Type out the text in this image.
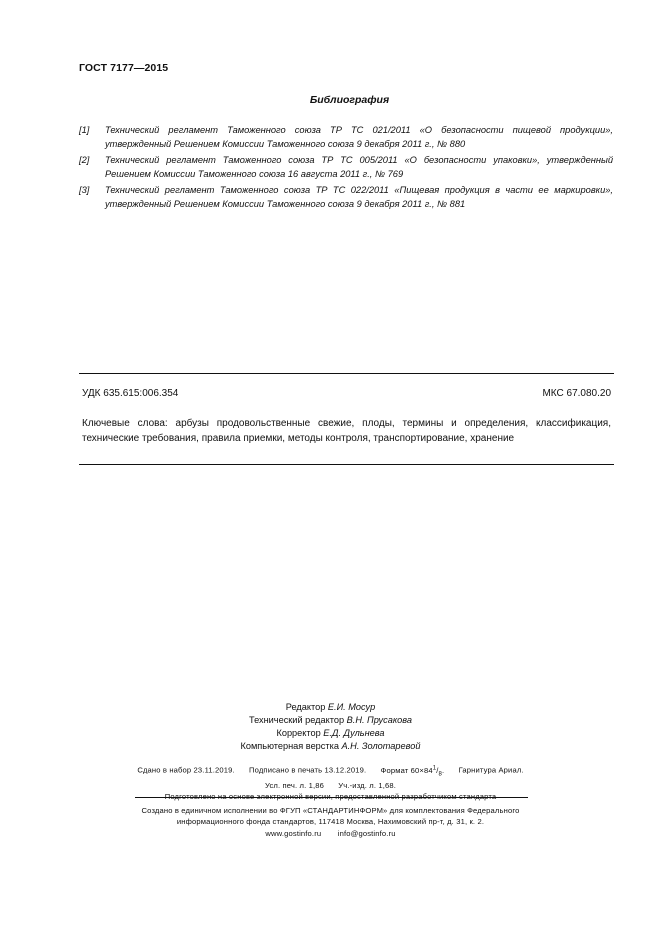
ГОСТ 7177—2015
Библиография
[1]	Технический регламент Таможенного союза ТР ТС 021/2011 «О безопасности пищевой продукции», утвержденный Решением Комиссии Таможенного союза 9 декабря 2011 г., № 880
[2]	Технический регламент Таможенного союза ТР ТС 005/2011 «О безопасности упаковки», утвержденный Решением Комиссии Таможенного союза 16 августа 2011 г., № 769
[3]	Технический регламент Таможенного союза ТР ТС 022/2011 «Пищевая продукция в части ее маркировки», утвержденный Решением Комиссии Таможенного союза 9 декабря 2011 г., № 881
УДК 635.615:006.354	МКС 67.080.20
Ключевые слова: арбузы продовольственные свежие, плоды, термины и определения, классификация, технические требования, правила приемки, методы контроля, транспортирование, хранение
Редактор Е.И. Мосур
Технический редактор В.Н. Прусакова
Корректор Е.Д. Дульнева
Компьютерная верстка А.Н. Золотаревой
Сдано в набор 23.11.2019. Подписано в печать 13.12.2019. Формат $60\times 84^1/_8$. Гарнитура Ариал.
Усл. печ. л. 1,86 Уч.-изд. л. 1,68.
Создано в единичном исполнении во ФГУП «СТАНДАРТИНФОРМ» для комплектования Федерального
информационного фонда стандартов, 117418 Москва, Нахимовский пр-т, д. 31, к. 2.
www.gostinfo.ru info@gostinfo.ru
